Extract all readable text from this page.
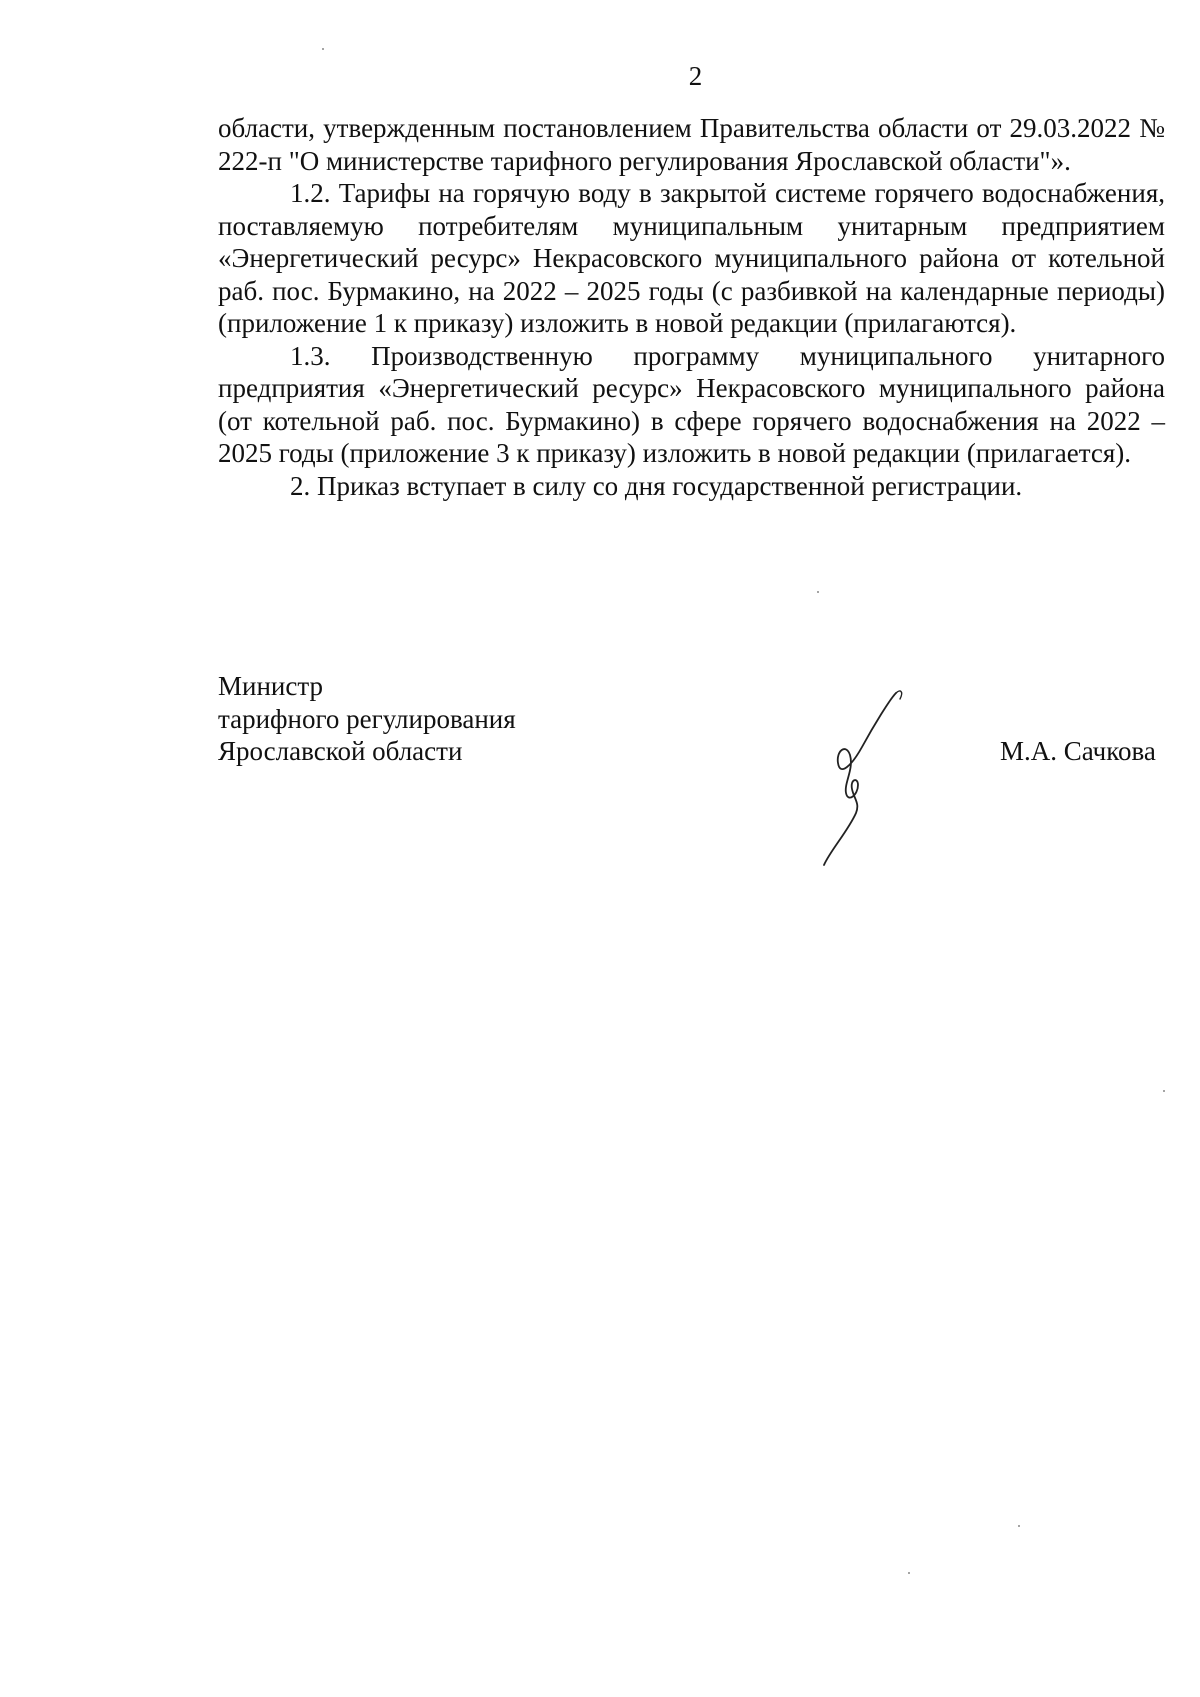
2

области, утвержденным постановлением Правительства области от 29.03.2022 № 222-п "О министерстве тарифного регулирования Ярославской области"».

1.2. Тарифы на горячую воду в закрытой системе горячего водоснабжения, поставляемую потребителям муниципальным унитарным предприятием «Энергетический ресурс» Некрасовского муниципального района от котельной раб. пос. Бурмакино, на 2022 – 2025 годы (с разбивкой на календарные периоды) (приложение 1 к приказу) изложить в новой редакции (прилагаются).

1.3. Производственную программу муниципального унитарного предприятия «Энергетический ресурс» Некрасовского муниципального района (от котельной раб. пос. Бурмакино) в сфере горячего водоснабжения на 2022 – 2025 годы (приложение 3 к приказу) изложить в новой редакции (прилагается).

2. Приказ вступает в силу со дня государственной регистрации.

Министр
тарифного регулирования
Ярославской области	М.А. Сачкова
